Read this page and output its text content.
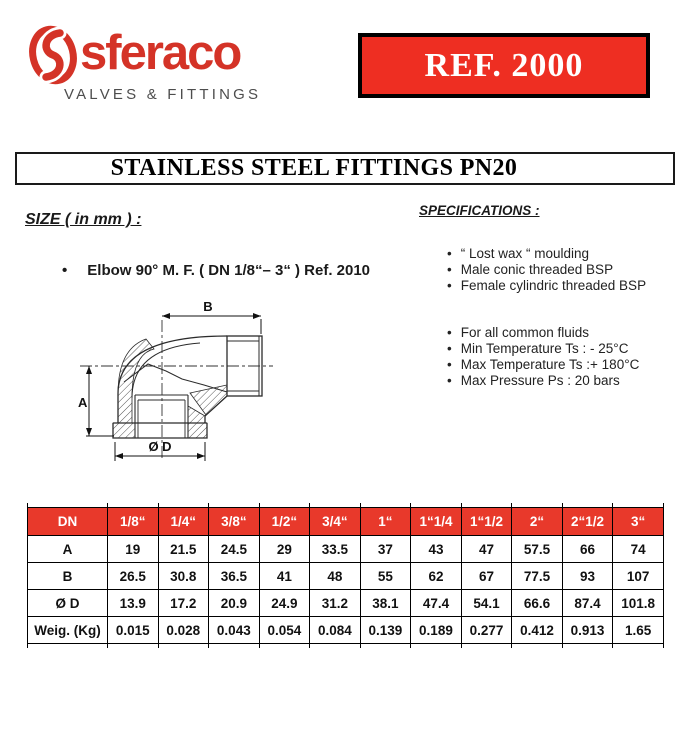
sferaco
VALVES & FITTINGS
REF. 2000
STAINLESS STEEL FITTINGS PN20
SIZE ( in mm ) :
SPECIFICATIONS :
• Elbow 90° M. F. ( DN 1/8“– 3“ ) Ref. 2010
• “ Lost wax “ moulding
• Male conic threaded BSP
• Female cylindric threaded BSP
• For all common fluids
• Min Temperature Ts : - 25°C
• Max Temperature Ts :+ 180°C
• Max Pressure Ps : 20 bars
B
A
Ø D

DN	1/8“	1/4“	3/8“	1/2“	3/4“	1“	1“1/4	1“1/2	2“	2“1/2	3“
A	19	21.5	24.5	29	33.5	37	43	47	57.5	66	74
B	26.5	30.8	36.5	41	48	55	62	67	77.5	93	107
Ø D	13.9	17.2	20.9	24.9	31.2	38.1	47.4	54.1	66.6	87.4	101.8
Weig. (Kg)	0.015	0.028	0.043	0.054	0.084	0.139	0.189	0.277	0.412	0.913	1.65
